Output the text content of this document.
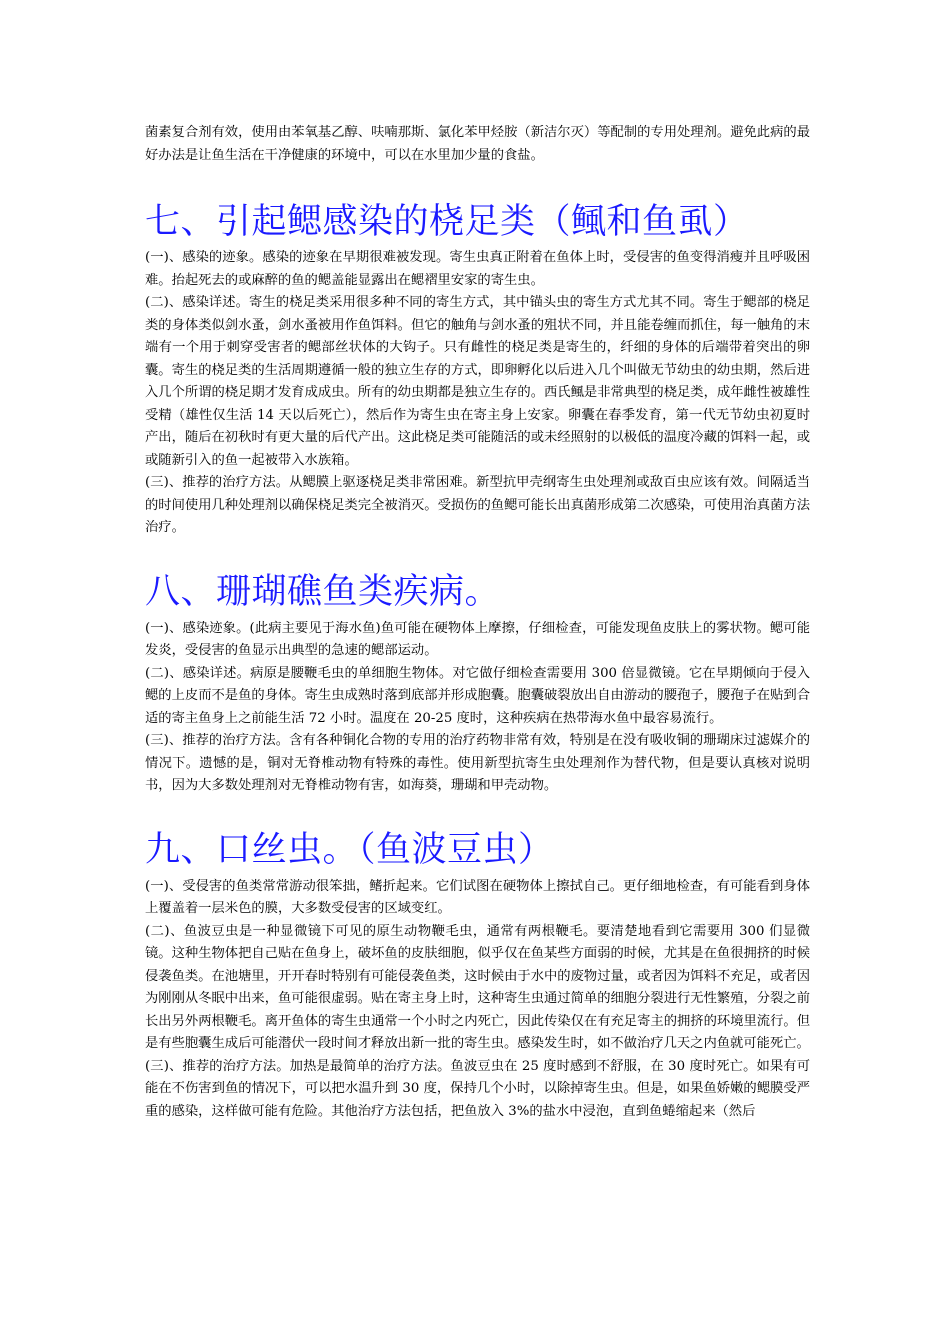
菌素复合剂有效，使用由苯氧基乙醇、呋喃那斯、氯化苯甲烃胺（新洁尔灭）等配制的专用处理剂。避免此病的最好办法是让鱼生活在干净健康的环境中，可以在水里加少量的食盐。

七、引起鳃感染的桡足类（鲺和鱼虱）

(一)、感染的迹象。感染的迹象在早期很难被发现。寄生虫真正附着在鱼体上时，受侵害的鱼变得消瘦并且呼吸困难。抬起死去的或麻醉的鱼的鳃盖能显露出在鳃褶里安家的寄生虫。

(二)、感染详述。寄生的桡足类采用很多种不同的寄生方式，其中锚头虫的寄生方式尤其不同。寄生于鳃部的桡足类的身体类似剑水蚤，剑水蚤被用作鱼饵料。但它的触角与剑水蚤的殂状不同，并且能卷缠而抓住，每一触角的末端有一个用于刺穿受害者的鳃部丝状体的大钩子。只有雌性的桡足类是寄生的，纤细的身体的后端带着突出的卵囊。寄生的桡足类的生活周期遵循一般的独立生存的方式，即卵孵化以后进入几个叫做无节幼虫的幼虫期，然后进入几个所谓的桡足期才发育成成虫。所有的幼虫期都是独立生存的。西氏鲺是非常典型的桡足类，成年雌性被雄性受精（雄性仅生活 14 天以后死亡），然后作为寄生虫在寄主身上安家。卵囊在春季发育，第一代无节幼虫初夏时产出，随后在初秋时有更大量的后代产出。这此桡足类可能随活的或未经照射的以极低的温度冷藏的饵料一起，或或随新引入的鱼一起被带入水族箱。

(三)、推荐的治疗方法。从鳃膜上驱逐桡足类非常困难。新型抗甲壳纲寄生虫处理剂或敌百虫应该有效。间隔适当的时间使用几种处理剂以确保桡足类完全被消灭。受损伤的鱼鳃可能长出真菌形成第二次感染，可使用治真菌方法治疗。

八、珊瑚礁鱼类疾病。

(一)、感染迹象。(此病主要见于海水鱼)鱼可能在硬物体上摩擦，仔细检查，可能发现鱼皮肤上的雾状物。鳃可能发炎，受侵害的鱼显示出典型的急速的鳃部运动。

(二)、感染详述。病原是腰鞭毛虫的单细胞生物体。对它做仔细检查需要用 300 倍显微镜。它在早期倾向于侵入鳃的上皮而不是鱼的身体。寄生虫成熟时落到底部并形成胞囊。胞囊破裂放出自由游动的腰孢子，腰孢子在贴到合适的寄主鱼身上之前能生活 72 小时。温度在 20-25 度时，这种疾病在热带海水鱼中最容易流行。

(三)、推荐的治疗方法。含有各种铜化合物的专用的治疗药物非常有效，特别是在没有吸收铜的珊瑚床过滤媒介的情况下。遗憾的是，铜对无脊椎动物有特殊的毒性。使用新型抗寄生虫处理剂作为替代物，但是要认真核对说明书，因为大多数处理剂对无脊椎动物有害，如海葵，珊瑚和甲壳动物。

九、口丝虫。（鱼波豆虫）

(一)、受侵害的鱼类常常游动很笨拙，鳍折起来。它们试图在硬物体上擦拭自己。更仔细地检查，有可能看到身体上覆盖着一层米色的膜，大多数受侵害的区域变红。

(二)、鱼波豆虫是一种显微镜下可见的原生动物鞭毛虫，通常有两根鞭毛。要清楚地看到它需要用 300 们显微镜。这种生物体把自己贴在鱼身上，破坏鱼的皮肤细胞，似乎仅在鱼某些方面弱的时候，尤其是在鱼很拥挤的时候侵袭鱼类。在池塘里，开开春时特别有可能侵袭鱼类，这时候由于水中的废物过量，或者因为饵料不充足，或者因为刚刚从冬眠中出来，鱼可能很虚弱。贴在寄主身上时，这种寄生虫通过简单的细胞分裂进行无性繁殖，分裂之前长出另外两根鞭毛。离开鱼体的寄生虫通常一个小时之内死亡，因此传染仅在有充足寄主的拥挤的环境里流行。但是有些胞囊生成后可能潜伏一段时间才释放出新一批的寄生虫。感染发生时，如不做治疗几天之内鱼就可能死亡。

(三)、推荐的治疗方法。加热是最简单的治疗方法。鱼波豆虫在 25 度时感到不舒服，在 30 度时死亡。如果有可能在不伤害到鱼的情况下，可以把水温升到 30 度，保持几个小时，以除掉寄生虫。但是，如果鱼娇嫩的鳃膜受严重的感染，这样做可能有危险。其他治疗方法包括，把鱼放入 3%的盐水中浸泡，直到鱼蜷缩起来（然后
